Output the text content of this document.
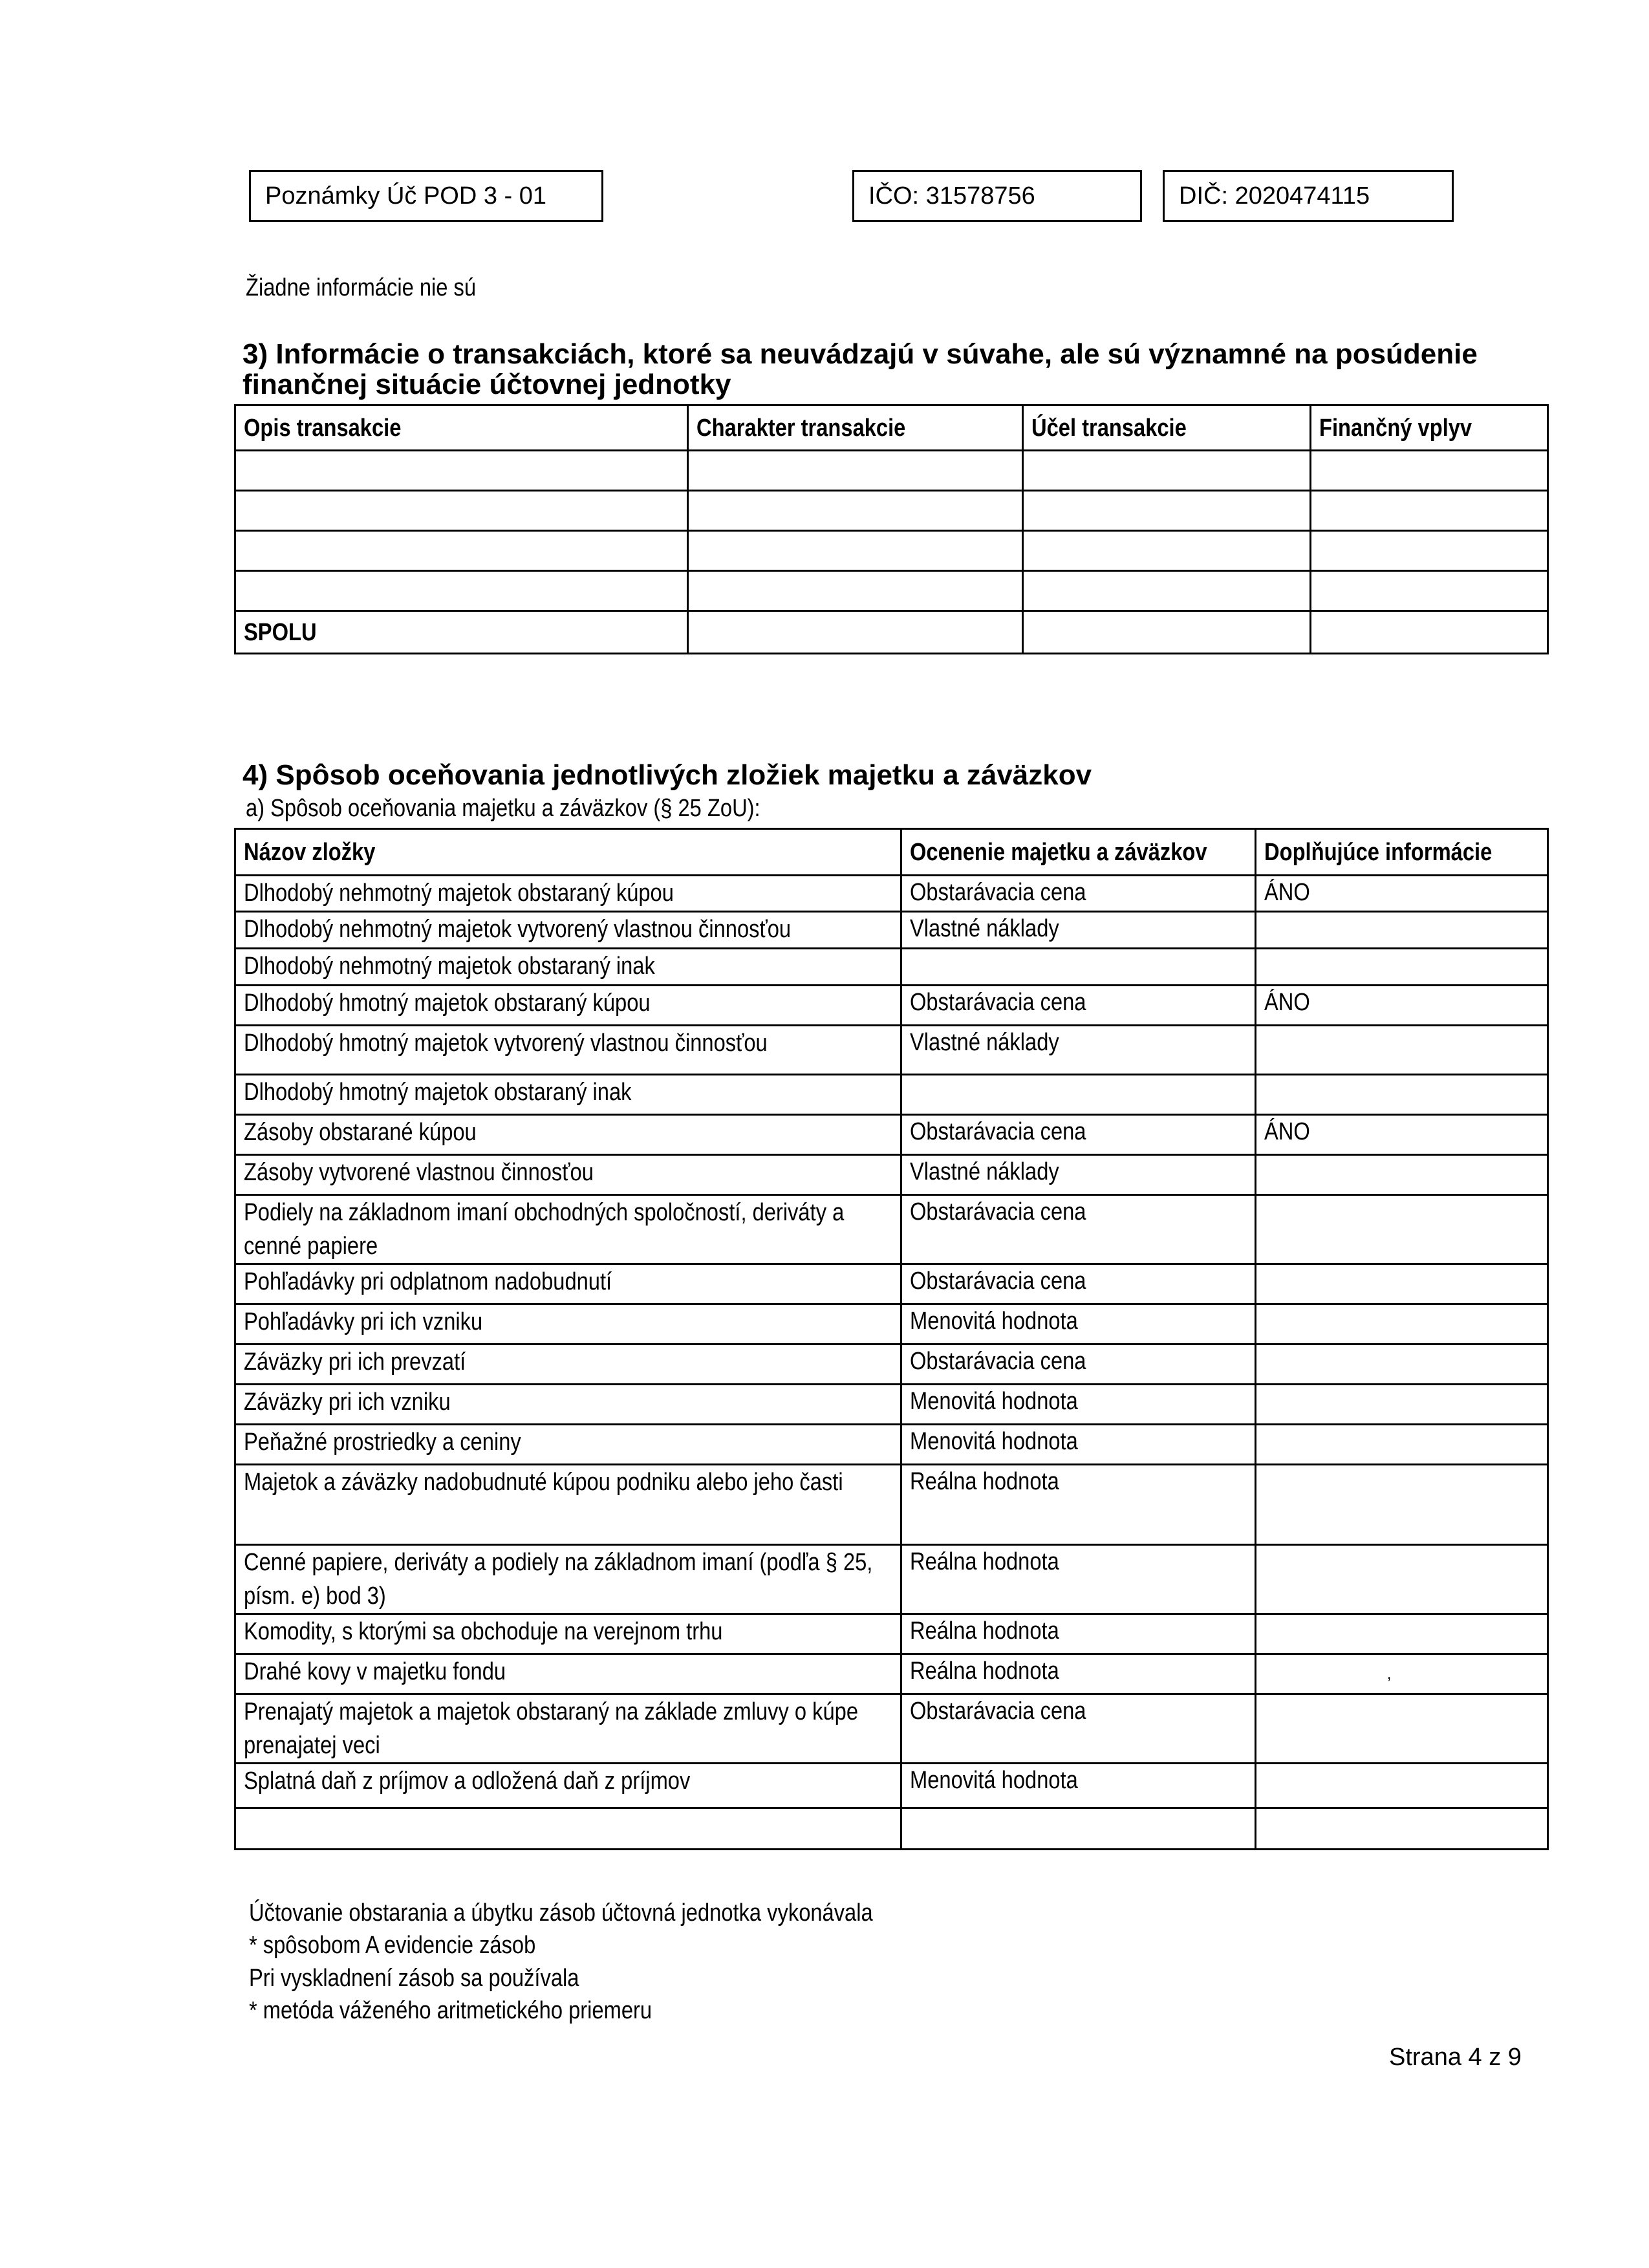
Poznámky Úč POD 3 - 01	IČO: 31578756	DIČ: 2020474115
Žiadne informácie nie sú
3) Informácie o transakciách, ktoré sa neuvádzajú v súvahe, ale sú významné na posúdenie
finančnej situácie účtovnej jednotky
Opis transakcie	Charakter transakcie	Účel transakcie	Finančný vplyv

SPOLU			
4) Spôsob oceňovania jednotlivých zložiek majetku a záväzkov
a) Spôsob oceňovania majetku a záväzkov (§ 25 ZoU):
Názov zložky	Ocenenie majetku a záväzkov	Doplňujúce informácie

Dlhodobý nehmotný majetok obstaraný kúpou	Obstarávacia cena	ÁNO

Dlhodobý nehmotný majetok vytvorený vlastnou činnosťou	Vlastné náklady	

Dlhodobý nehmotný majetok obstaraný inak		

Dlhodobý hmotný majetok obstaraný kúpou	Obstarávacia cena	ÁNO

Dlhodobý hmotný majetok vytvorený vlastnou činnosťou	Vlastné náklady	

Dlhodobý hmotný majetok obstaraný inak		

Zásoby obstarané kúpou	Obstarávacia cena	ÁNO

Zásoby vytvorené vlastnou činnosťou	Vlastné náklady	

Podiely na základnom imaní obchodných spoločností, deriváty a cenné papiere	Obstarávacia cena	

Pohľadávky pri odplatnom nadobudnutí	Obstarávacia cena	

Pohľadávky pri ich vzniku	Menovitá hodnota	

Záväzky pri ich prevzatí	Obstarávacia cena	

Záväzky pri ich vzniku	Menovitá hodnota	

Peňažné prostriedky a ceniny	Menovitá hodnota	

Majetok a záväzky nadobudnuté kúpou podniku alebo jeho časti	Reálna hodnota	

Cenné papiere, deriváty a podiely na základnom imaní (podľa § 25, písm. e) bod 3)	Reálna hodnota	

Komodity, s ktorými sa obchoduje na verejnom trhu	Reálna hodnota	

Drahé kovy v majetku fondu	Reálna hodnota	,

Prenajatý majetok a majetok obstaraný na základe zmluvy o kúpe prenajatej veci	Obstarávacia cena	

Splatná daň z príjmov a odložená daň z príjmov	Menovitá hodnota	

Účtovanie obstarania a úbytku zásob účtovná jednotka vykonávala
* spôsobom A evidencie zásob
Pri vyskladnení zásob sa používala
* metóda váženého aritmetického priemeru
Strana 4 z 9
